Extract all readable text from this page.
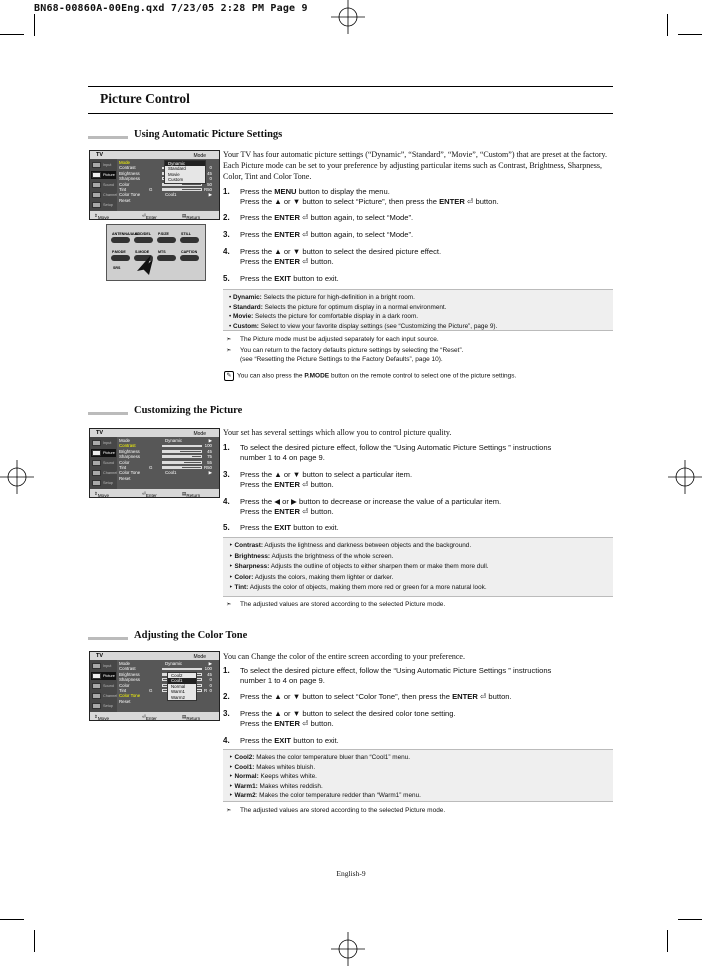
BN68-00860A-00Eng.qxd 7/23/05 2:28 PM Page 9
Picture Control
Using Automatic Picture Settings
Your TV has four automatic picture settings (“Dynamic”, “Standard”, “Movie”, “Custom”) that are preset at the factory. Each Picture mode can be set to your preference by adjusting particular items such as Contrast, Brightness, Sharpness, Color, Tint and Color Tone.
1. Press the MENU button to display the menu.
Press the ▲ or ▼ button to select “Picture”, then press the ENTER ⏎ button.
2. Press the ENTER ⏎ button again, to select “Mode”.
3. Press the ENTER ⏎ button again, to select “Mode”.
4. Press the ▲ or ▼ button to select the desired picture effect.
Press the ENTER ⏎ button.
5. Press the EXIT button to exit.
• Dynamic: Selects the picture for high-definition in a bright room.
• Standard: Selects the picture for optimum display in a normal environment.
• Movie: Selects the picture for comfortable display in a dark room.
• Custom: Select to view your favorite display settings (see “Customizing the Picture”, page 9).
➣ The Picture mode must be adjusted separately for each input source.
➣ You can return to the factory defaults picture settings by selecting the “Reset”.
(see “Resetting the Picture Settings to the Factory Defaults”, page 10).
✎ You can also press the P.MODE button on the remote control to select one of the picture settings.
TV	Mode
Input
Picture
Sound
Channel
Setup
Mode
Contrast	0
Brightness	45
Sharpness	0
Color	50
Tint	50
G	R
Color Tone	Cool1	▶
Reset
⇕ Move	⏎ Enter	▤ Return
Dynamic
Standard
Movie
Custom
ANTENNA/AUX
ADD/DEL P.SIZE	STILL
P.MODE	S.MODE MTS	CAPTION
SRS
Customizing the Picture
Your set has several settings which allow you to control picture quality.
1. To select the desired picture effect, follow the “Using Automatic Picture Settings ” instructions
number 1 to 4 on page 9.
3. Press the ▲ or ▼ button to select a particular item.
Press the ENTER ⏎ button.
4. Press the ◀ or ▶ button to decrease or increase the value of a particular item.
Press the ENTER ⏎ button.
5. Press the EXIT button to exit.
‣ Contrast: Adjusts the lightness and darkness between objects and the background.
‣ Brightness: Adjusts the brightness of the whole screen.
‣ Sharpness: Adjusts the outline of objects to either sharpen them or make them more dull.
‣ Color: Adjusts the colors, making them lighter or darker.
‣ Tint: Adjusts the color of objects, making them more red or green for a more natural look.
➣ The adjusted values are stored according to the selected Picture mode.
TV	Mode
Input
Picture
Sound
Channel
Setup
Mode	Dynamic	▶
Contrast	100
Brightness	45
Sharpness	75
Color	55
Tint	50
G	R
Color Tone	Cool1	▶
Reset
⇕ Move	⏎ Enter	▤ Return
Adjusting the Color Tone
You can Change the color of the entire screen according to your preference.
1. To select the desired picture effect, follow the “Using Automatic Picture Settings ” instructions
number 1 to 4 on page 9.
2. Press the ▲ or ▼ button to select “Color Tone”, then press the ENTER ⏎ button.
3. Press the ▲ or ▼ button to select the desired color tone setting.
Press the ENTER ⏎ button.
4. Press the EXIT button to exit.
‣ Cool2: Makes the color temperature bluer than “Cool1” menu.
‣ Cool1: Makes whites bluish.
‣ Normal: Keeps whites white.
‣ Warm1: Makes whites reddish.
‣ Warm2: Makes the color temperature redder than “Warm1” menu.
➣ The adjusted values are stored according to the selected Picture mode.
TV	Mode
Input
Picture
Sound
Channel
Setup
Mode	Dynamic	▶
Contrast	100
Brightness	45
Sharpness	0
Color	0
Tint	0
G	R
Color Tone
Reset
⇕ Move	⏎ Enter	▤ Return
Cool2
Cool1
Normal
Warm1
Warm2
English-9
